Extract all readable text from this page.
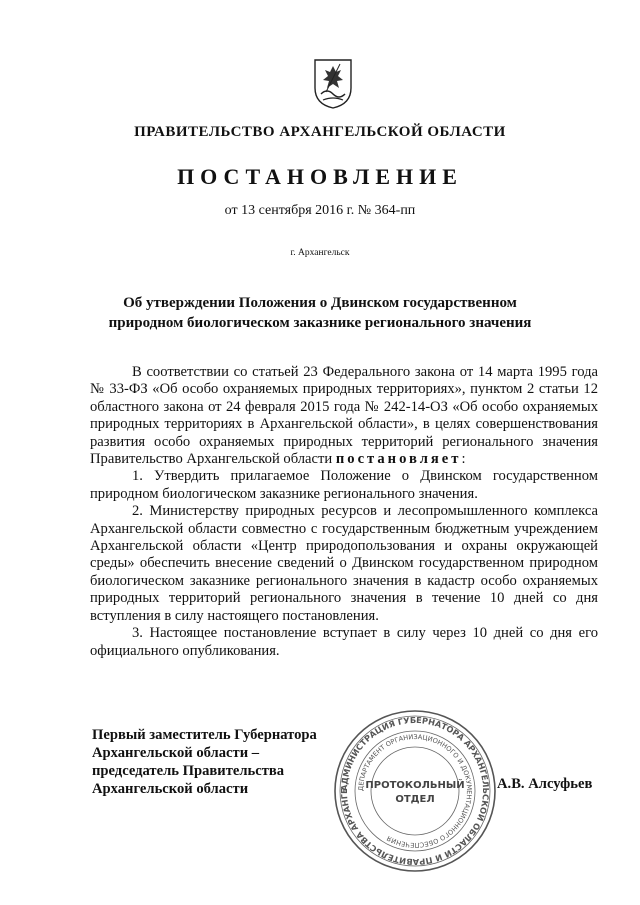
ПРАВИТЕЛЬСТВО АРХАНГЕЛЬСКОЙ ОБЛАСТИ
ПОСТАНОВЛЕНИЕ
от 13 сентября 2016 г. № 364-пп
г. Архангельск
Об утверждении Положения о Двинском государственном
природном биологическом заказнике регионального значения

В соответствии со статьей 23 Федерального закона от 14 марта 1995 года № 33-ФЗ «Об особо охраняемых природных территориях», пунктом 2 статьи 12 областного закона от 24 февраля 2015 года № 242-14-ОЗ «Об особо охраняемых природных территориях в Архангельской области», в целях совершенствования развития особо охраняемых природных территорий регионального значения Правительство Архангельской области постановляет:

1. Утвердить прилагаемое Положение о Двинском государственном природном биологическом заказнике регионального значения.

2. Министерству природных ресурсов и лесопромышленного комплекса Архангельской области совместно с государственным бюджетным учреждением Архангельской области «Центр природопользования и охраны окружающей среды» обеспечить внесение сведений о Двинском государственном природном биологическом заказнике регионального значения в кадастр особо охраняемых природных территорий регионального значения в течение 10 дней со дня вступления в силу настоящего постановления.

3. Настоящее постановление вступает в силу через 10 дней со дня его официального опубликования.

Первый заместитель Губернатора
Архангельской области –
председатель Правительства
Архангельской области	АДМИНИСТРАЦИЯ ГУБЕРНАТОРА АРХАНГЕЛЬСКОЙ ОБЛАСТИ И ПРАВИТЕЛЬСТВА АРХАНГЕ	ДЕПАРТАМЕНТ ОРГАНИЗАЦИОННОГО И ДОКУМЕНТАЦИОННОГО ОБЕСПЕЧЕНИЯ
ПРОТОКОЛЬНЫЙ
ОТДЕЛ
А.В. Алсуфьев
